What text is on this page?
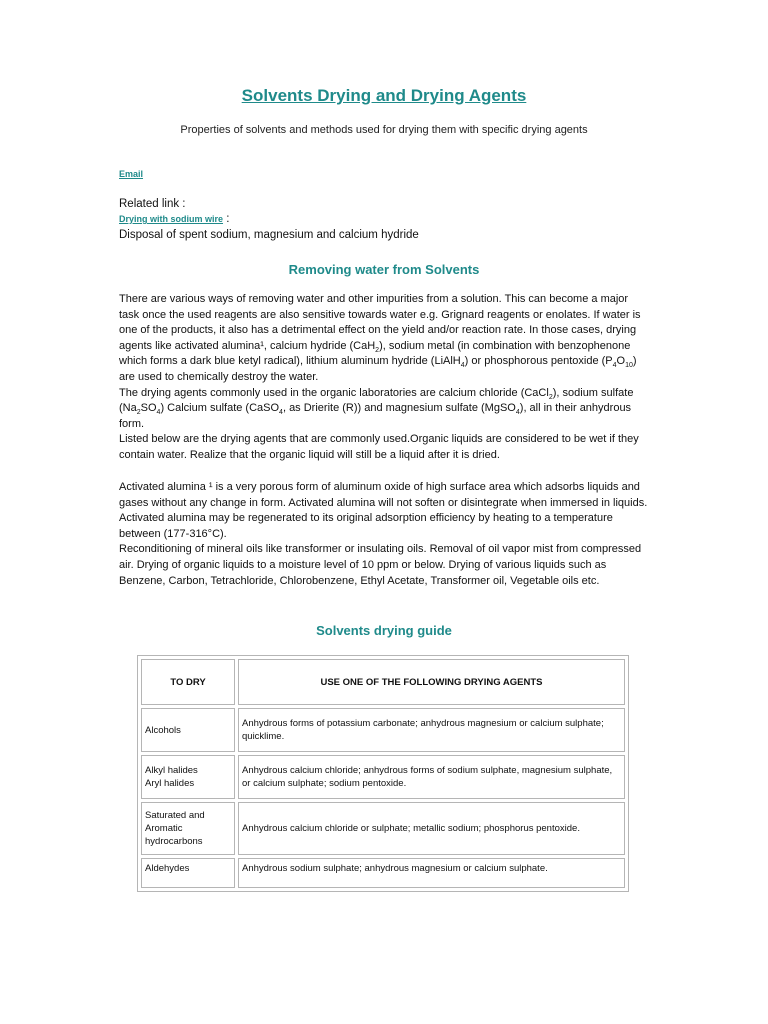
Solvents Drying and Drying Agents
Properties of solvents and methods used for drying them with specific drying agents
Email
Related link :
Drying with sodium wire :
Disposal of spent sodium, magnesium and calcium hydride
Removing water from Solvents

There are various ways of removing water and other impurities from a solution. This can become a major task once the used reagents are also sensitive towards water e.g. Grignard reagents or enolates. If water is one of the products, it also has a detrimental effect on the yield and/or reaction rate. In those cases, drying agents like activated alumina¹, calcium hydride (CaH$_2$), sodium metal (in combination with benzophenone which forms a dark blue ketyl radical), lithium aluminum hydride (LiAlH$_4$) or phosphorous pentoxide $(P_4O_{10})$ are used to chemically destroy the water.

The drying agents commonly used in the organic laboratories are calcium chloride (CaCl$_2$), sodium sulfate $(Na_2SO_4)$ Calcium sulfate (CaSO$_4$, as Drierite (R)) and magnesium sulfate (MgSO$_4$), all in their anhydrous form.

Listed below are the drying agents that are commonly used.Organic liquids are considered to be wet if they contain water. Realize that the organic liquid will still be a liquid after it is dried.

Activated alumina ¹ is a very porous form of aluminum oxide of high surface area which adsorbs liquids and gases without any change in form. Activated alumina will not soften or disintegrate when immersed in liquids. Activated alumina may be regenerated to its original adsorption efficiency by heating to a temperature between (177-316°C).

Reconditioning of mineral oils like transformer or insulating oils. Removal of oil vapor mist from compressed air. Drying of organic liquids to a moisture level of 10 ppm or below. Drying of various liquids such as Benzene, Carbon, Tetrachloride, Chlorobenzene, Ethyl Acetate, Transformer oil, Vegetable oils etc.

Solvents drying guide
TO DRY	USE ONE OF THE FOLLOWING DRYING AGENTS
Alcohols	Anhydrous forms of potassium carbonate; anhydrous magnesium or calcium sulphate; quicklime.

Alkyl halides
Aryl halides	Anhydrous calcium chloride; anhydrous forms of sodium sulphate, magnesium sulphate, or calcium sulphate; sodium pentoxide.
Saturated and Aromatic hydrocarbons	Anhydrous calcium chloride or sulphate; metallic sodium; phosphorus pentoxide.
Aldehydes	Anhydrous sodium sulphate; anhydrous magnesium or calcium sulphate.
